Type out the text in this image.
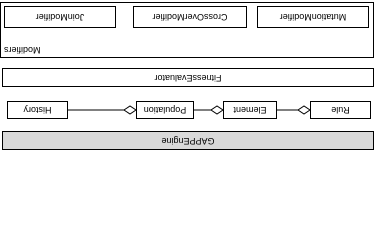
GAPPEngine
Rule
Element
Population
History
FitnessEvaluator
Modifiers
MutationModifier
CrossOverModifier
JoinModifier
